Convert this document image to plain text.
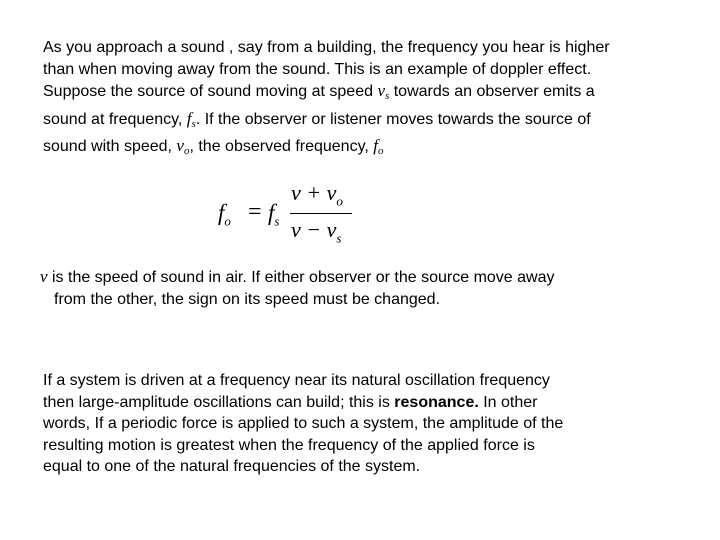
As you approach a sound , say from a building, the frequency you hear is higher
than when moving away from the sound. This is an example of doppler effect.
Suppose the source of sound moving at speed $v_s$ towards an observer emits a
sound at frequency, $f_s$. If the observer or listener moves towards the source of
sound with speed, $v_o$, the observed frequency, $f_o$
$f_o = f_s$
$v + v_o$
$v - v_s$
v is the speed of sound in air. If either observer or the source move away
from the other, the sign on its speed must be changed.
If a system is driven at a frequency near its natural oscillation frequency
then large-amplitude oscillations can build; this is resonance. In other
words, If a periodic force is applied to such a system, the amplitude of the
resulting motion is greatest when the frequency of the applied force is
equal to one of the natural frequencies of the system.
